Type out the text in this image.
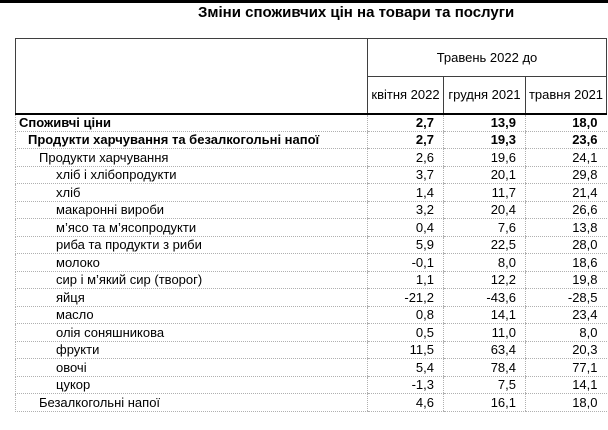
Зміни споживчих цін на товари та послуги
	Травень 2022 до		
	квітня 2022	грудня 2021	травня 2021
Споживчі ціни	2,7	13,9	18,0
Продукти харчування та безалкогольні напої	2,7	19,3	23,6
Продукти харчування	2,6	19,6	24,1
хліб і хлібопродукти	3,7	20,1	29,8
хліб	1,4	11,7	21,4
макаронні вироби	3,2	20,4	26,6
м’ясо та м’ясопродукти	0,4	7,6	13,8
риба та продукти з риби	5,9	22,5	28,0
молоко	-0,1	8,0	18,6
сир і м’який сир (творог)	1,1	12,2	19,8
яйця	-21,2	-43,6	-28,5
масло	0,8	14,1	23,4
олія соняшникова	0,5	11,0	8,0
фрукти	11,5	63,4	20,3
овочі	5,4	78,4	77,1
цукор	-1,3	7,5	14,1
Безалкогольні напої	4,6	16,1	18,0
